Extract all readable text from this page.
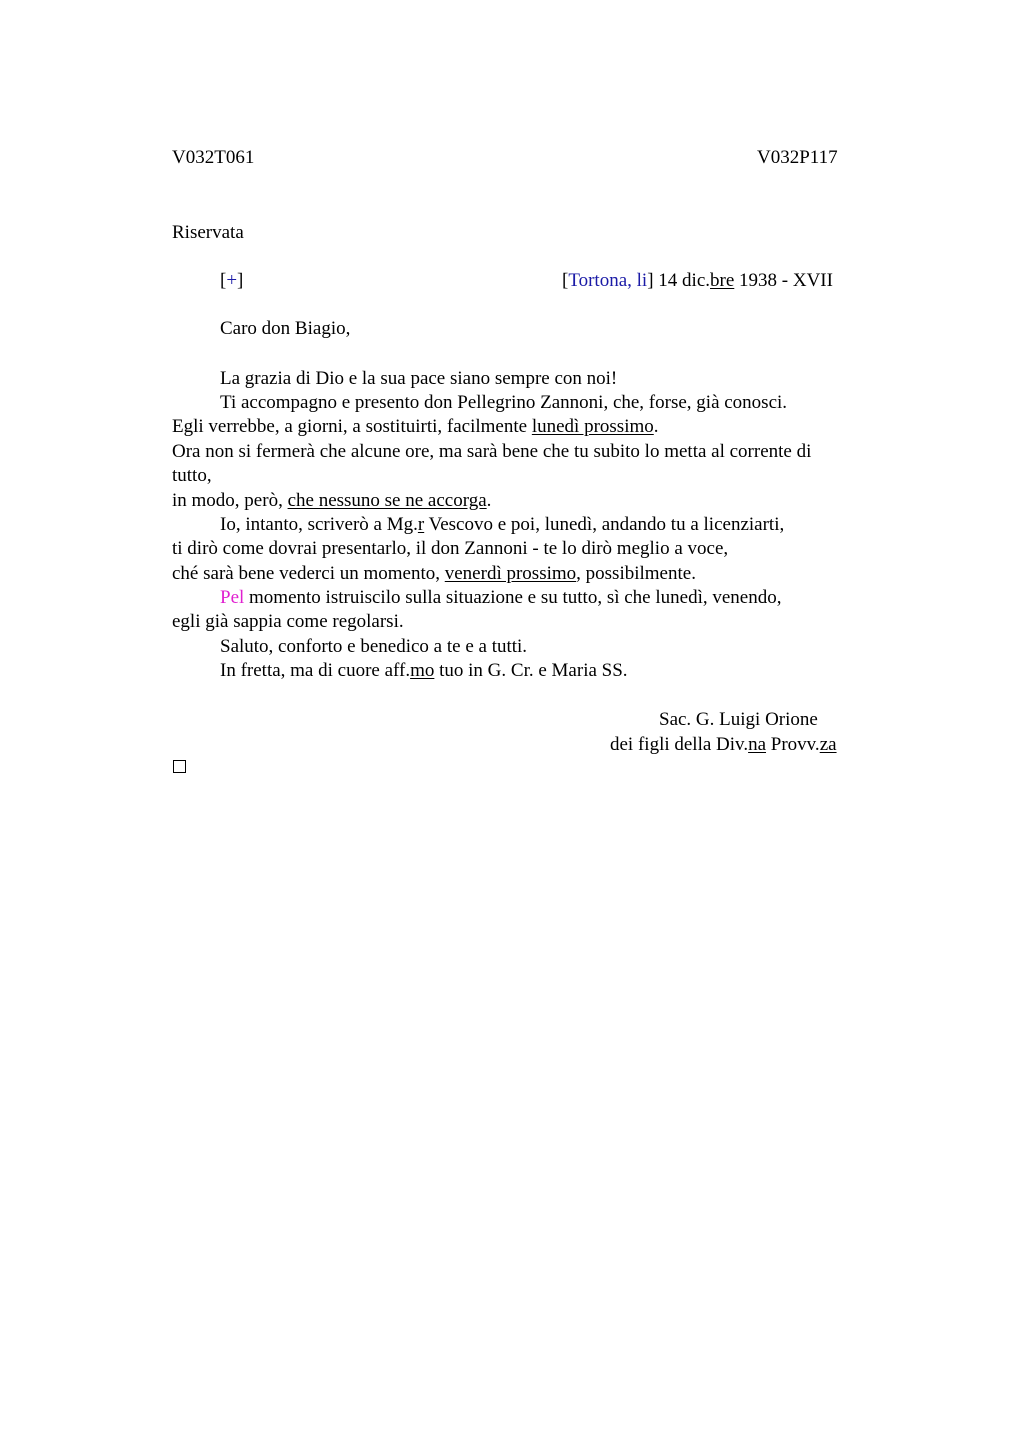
V032T061	V032P117
Riservata
[+]	[Tortona, li] 14 dic.bre 1938 - XVII
Caro don Biagio,
La grazia di Dio e la sua pace siano sempre con noi!
Ti accompagno e presento don Pellegrino Zannoni, che, forse, già conosci.
Egli verrebbe, a giorni, a sostituirti, facilmente lunedì prossimo.
Ora non si fermerà che alcune ore, ma sarà bene che tu subito lo metta al corrente di
tutto,
in modo, però, che nessuno se ne accorga.
Io, intanto, scriverò a Mg.r Vescovo e poi, lunedì, andando tu a licenziarti,
ti dirò come dovrai presentarlo, il don Zannoni - te lo dirò meglio a voce,
ché sarà bene vederci un momento, venerdì prossimo, possibilmente.
Pel momento istruiscilo sulla situazione e su tutto, sì che lunedì, venendo,
egli già sappia come regolarsi.
Saluto, conforto e benedico a te e a tutti.
In fretta, ma di cuore aff.mo tuo in G. Cr. e Maria SS.
Sac. G. Luigi Orione
dei figli della Div.na Provv.za
